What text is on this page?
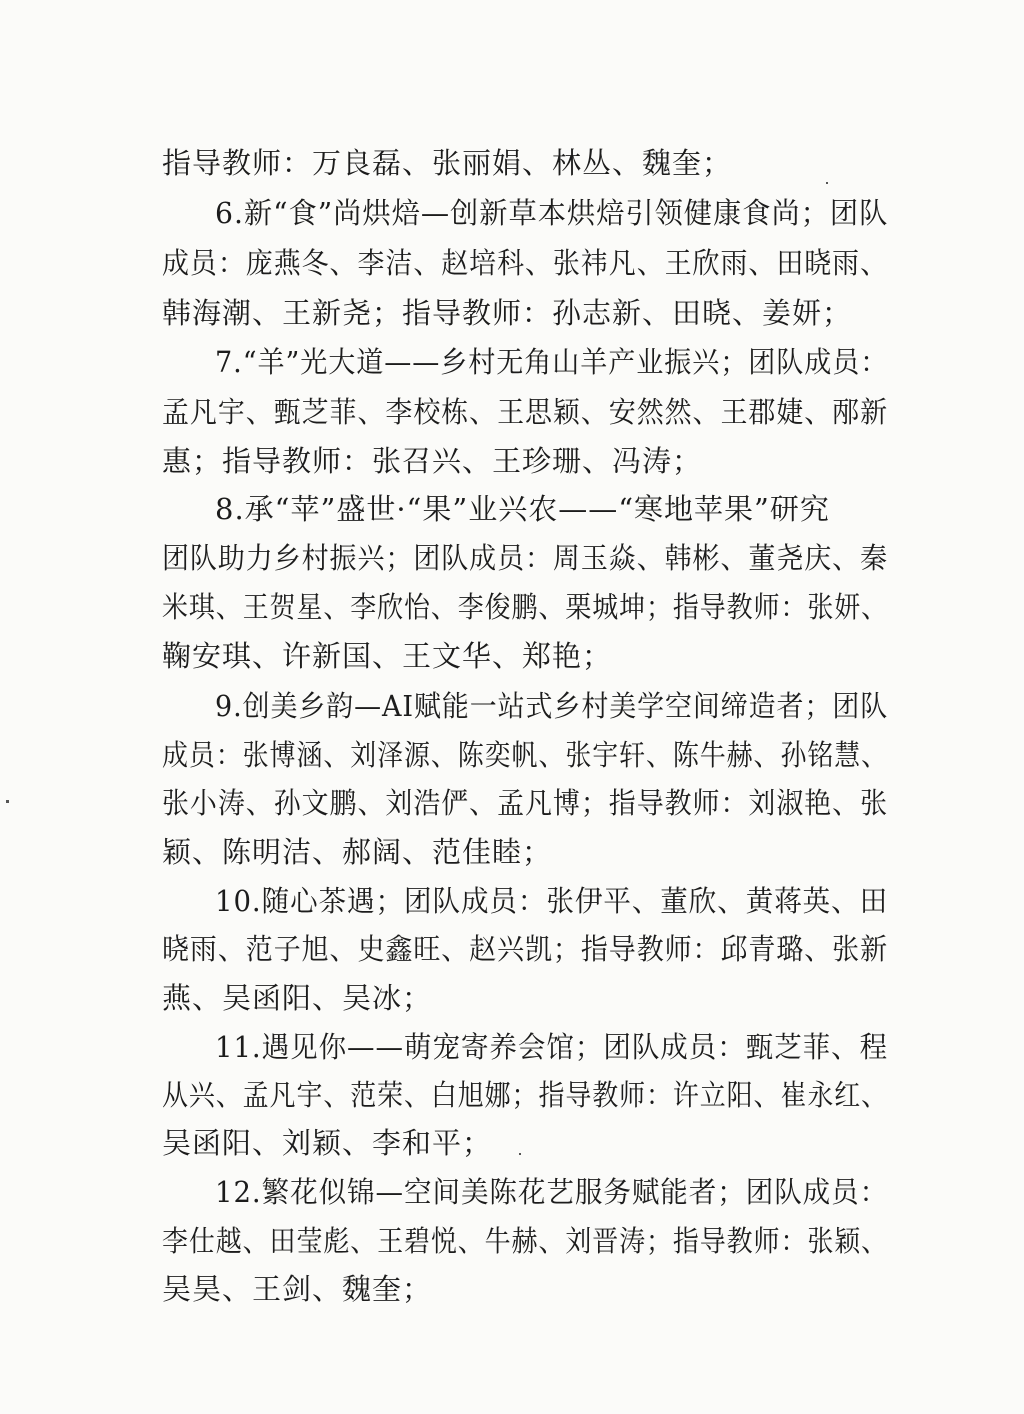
指导教师：万良磊、张丽娟、林丛、魏奎；
6.新“食”尚烘焙—创新草本烘焙引领健康食尚；团队
成员：庞燕冬、李洁、赵培科、张祎凡、王欣雨、田晓雨、
韩海潮、王新尧；指导教师：孙志新、田晓、姜妍；
7.“羊”光大道——乡村无角山羊产业振兴；团队成员：
孟凡宇、甄芝菲、李校栋、王思颖、安然然、王郡婕、邴新
惠；指导教师：张召兴、王珍珊、冯涛；
8.承“苹”盛世·“果”业兴农——“寒地苹果”研究
团队助力乡村振兴；团队成员：周玉焱、韩彬、董尧庆、秦
米琪、王贺星、李欣怡、李俊鹏、栗城坤；指导教师：张妍、
鞠安琪、许新国、王文华、郑艳；
9.创美乡韵—AI赋能一站式乡村美学空间缔造者；团队
成员：张博涵、刘泽源、陈奕帆、张宇轩、陈牛赫、孙铭慧、
张小涛、孙文鹏、刘浩俨、孟凡博；指导教师：刘淑艳、张
颖、陈明洁、郝阔、范佳睦；
10.随心茶遇；团队成员：张伊平、董欣、黄蒋英、田
晓雨、范子旭、史鑫旺、赵兴凯；指导教师：邱青璐、张新
燕、吴函阳、吴冰；
11.遇见你——萌宠寄养会馆；团队成员：甄芝菲、程
从兴、孟凡宇、范荣、白旭娜；指导教师：许立阳、崔永红、
吴函阳、刘颖、李和平；
12.繁花似锦—空间美陈花艺服务赋能者；团队成员：
李仕越、田莹彪、王碧悦、牛赫、刘晋涛；指导教师：张颖、
吴昊、王剑、魏奎；
